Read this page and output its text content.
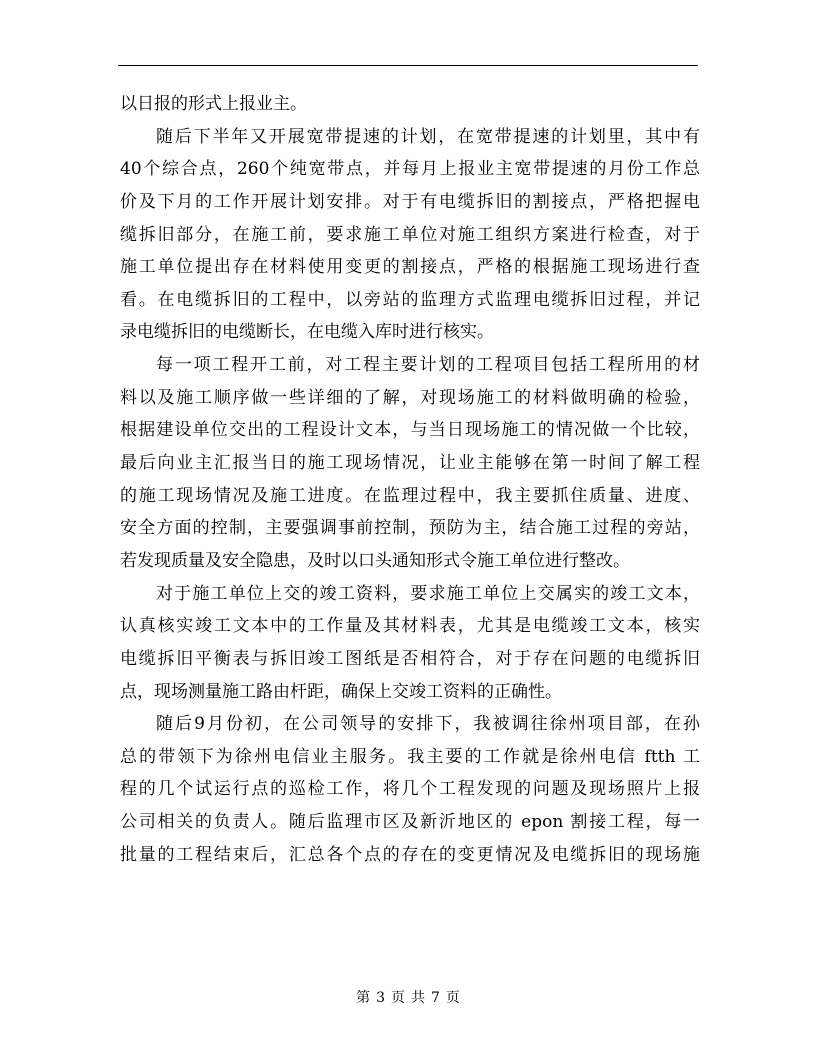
以日报的形式上报业主。
随后下半年又开展宽带提速的计划，在宽带提速的计划里，其中有
40个综合点，260个纯宽带点，并每月上报业主宽带提速的月份工作总
价及下月的工作开展计划安排。对于有电缆拆旧的割接点，严格把握电
缆拆旧部分，在施工前，要求施工单位对施工组织方案进行检查，对于
施工单位提出存在材料使用变更的割接点，严格的根据施工现场进行查
看。在电缆拆旧的工程中，以旁站的监理方式监理电缆拆旧过程，并记
录电缆拆旧的电缆断长，在电缆入库时进行核实。
每一项工程开工前，对工程主要计划的工程项目包括工程所用的材
料以及施工顺序做一些详细的了解，对现场施工的材料做明确的检验，
根据建设单位交出的工程设计文本，与当日现场施工的情况做一个比较，
最后向业主汇报当日的施工现场情况，让业主能够在第一时间了解工程
的施工现场情况及施工进度。在监理过程中，我主要抓住质量、进度、
安全方面的控制，主要强调事前控制，预防为主，结合施工过程的旁站，
若发现质量及安全隐患，及时以口头通知形式令施工单位进行整改。
对于施工单位上交的竣工资料，要求施工单位上交属实的竣工文本，
认真核实竣工文本中的工作量及其材料表，尤其是电缆竣工文本，核实
电缆拆旧平衡表与拆旧竣工图纸是否相符合，对于存在问题的电缆拆旧
点，现场测量施工路由杆距，确保上交竣工资料的正确性。
随后9月份初，在公司领导的安排下，我被调往徐州项目部，在孙
总的带领下为徐州电信业主服务。我主要的工作就是徐州电信 ftth 工
程的几个试运行点的巡检工作，将几个工程发现的问题及现场照片上报
公司相关的负责人。随后监理市区及新沂地区的 epon 割接工程，每一
批量的工程结束后，汇总各个点的存在的变更情况及电缆拆旧的现场施
第 3 页 共 7 页
